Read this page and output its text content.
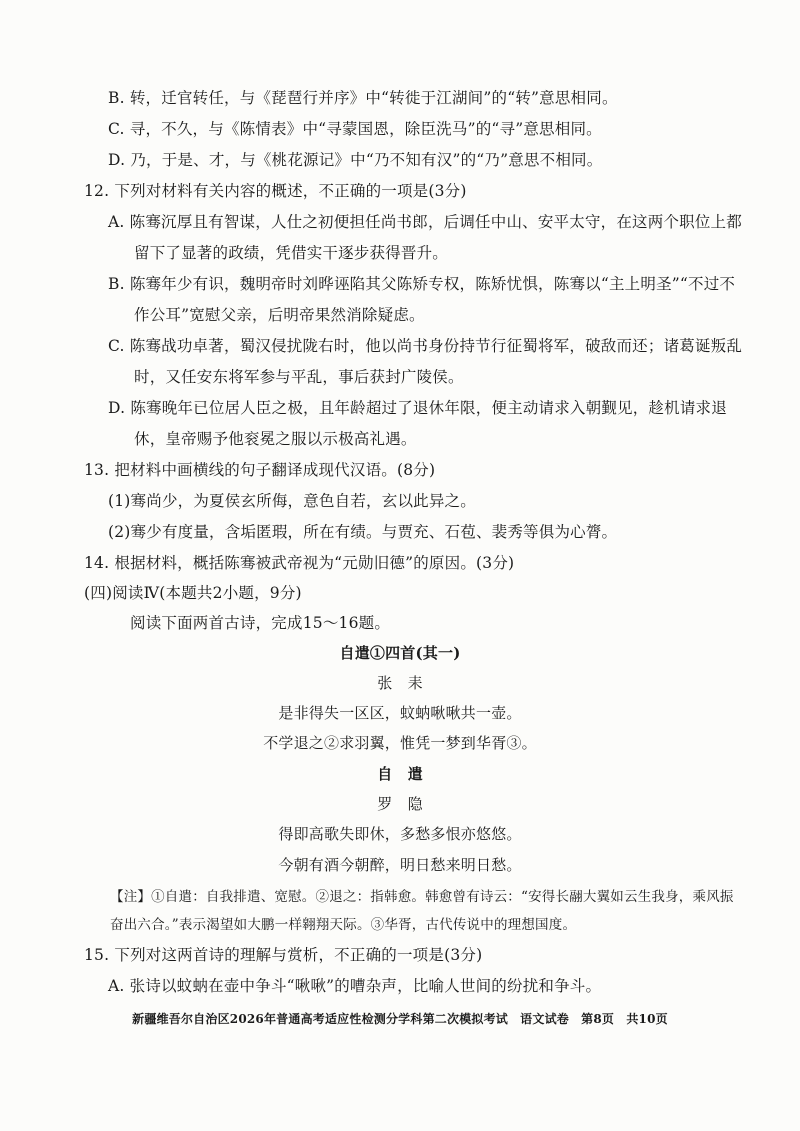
B. 转，迁官转任，与《琵琶行并序》中“转徙于江湖间”的“转”意思相同。
C. 寻，不久，与《陈情表》中“寻蒙国恩，除臣洗马”的“寻”意思相同。
D. 乃，于是、才，与《桃花源记》中“乃不知有汉”的“乃”意思不相同。
12. 下列对材料有关内容的概述，不正确的一项是(3分)
A. 陈骞沉厚且有智谋，人仕之初便担任尚书郎，后调任中山、安平太守，在这两个职位上都
留下了显著的政绩，凭借实干逐步获得晋升。
B. 陈骞年少有识，魏明帝时刘晔诬陷其父陈矫专权，陈矫忧惧，陈骞以“主上明圣”“不过不
作公耳”宽慰父亲，后明帝果然消除疑虑。
C. 陈骞战功卓著，蜀汉侵扰陇右时，他以尚书身份持节行征蜀将军，破敌而还；诸葛诞叛乱
时，又任安东将军参与平乱，事后获封广陵侯。
D. 陈骞晚年已位居人臣之极，且年龄超过了退休年限，便主动请求入朝觐见，趁机请求退
休，皇帝赐予他衮冕之服以示极高礼遇。
13. 把材料中画横线的句子翻译成现代汉语。(8分)
(1)骞尚少，为夏侯玄所侮，意色自若，玄以此异之。
(2)骞少有度量，含垢匿瑕，所在有绩。与贾充、石苞、裴秀等俱为心膂。
14. 根据材料，概括陈骞被武帝视为“元勋旧德”的原因。(3分)
(四)阅读Ⅳ(本题共2小题，9分)
阅读下面两首古诗，完成15～16题。
自遣①四首(其一)
张　耒
是非得失一区区，蚊蚋啾啾共一壶。
不学退之②求羽翼，惟凭一梦到华胥③。
自　遣
罗　隐
得即高歌失即休，多愁多恨亦悠悠。
今朝有酒今朝醉，明日愁来明日愁。
【注】①自遣：自我排遣、宽慰。②退之：指韩愈。韩愈曾有诗云：“安得长翮大翼如云生我身，乘风振
奋出六合。”表示渴望如大鹏一样翱翔天际。③华胥，古代传说中的理想国度。
15. 下列对这两首诗的理解与赏析，不正确的一项是(3分)
A. 张诗以蚊蚋在壶中争斗“啾啾”的嘈杂声，比喻人世间的纷扰和争斗。
新疆维吾尔自治区2026年普通高考适应性检测分学科第二次模拟考试　语文试卷　第8页　共10页
